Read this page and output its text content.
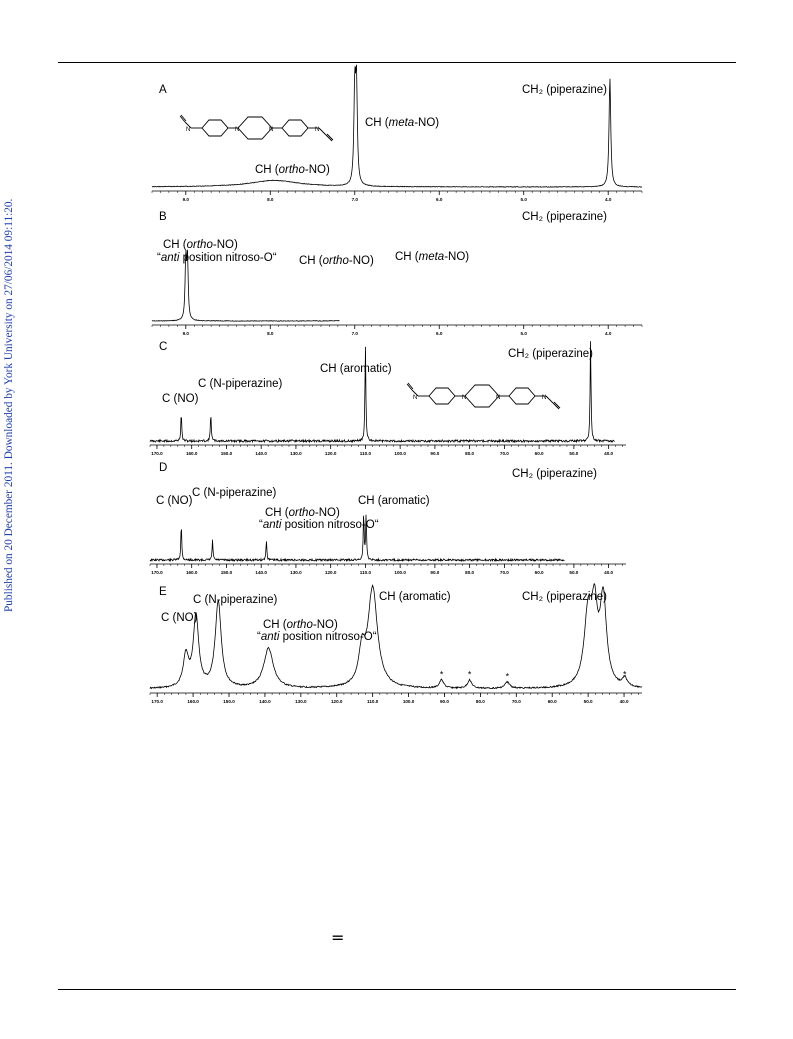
Published on 20 December 2011. Downloaded by York University on 27/06/2014 09:11:20.	9.0	8.0	7.0	6.0	5.0	4.0
A
N	N	N	N
CH (ortho-NO)
CH (meta-NO)
CH₂ (piperazine)
9.0	8.0	7.0	6.0	5.0	4.0
B
CH (ortho-NO)
“anti position nitroso-O“ CH (ortho-NO) CH (meta-NO)
CH₂ (piperazine)
170.0	160.0	150.0	140.0	130.0	120.0	110.0	100.0	90.0	80.0	70.0	60.0	50.0	40.0
C
C (NO)
C (N-piperazine)
CH (aromatic)
CH₂ (piperazine)
N	N	N	N
170.0	160.0	150.0	140.0	130.0	120.0	110.0	100.0	90.0	80.0	70.0	60.0	50.0	40.0
D
C (NO)
C (N-piperazine)
CH (ortho-NO)
“anti position nitroso-O“
CH (aromatic)
CH₂ (piperazine)
170.0	160.0	150.0	140.0	130.0	120.0	110.0	100.0	90.0	80.0	70.0	60.0	50.0	40.0
*	*	*	*
E
C (NO)
C (N-piperazine)
CH (ortho-NO)
“anti position nitroso-O“
CH (aromatic)	CH₂ (piperazine)
=
